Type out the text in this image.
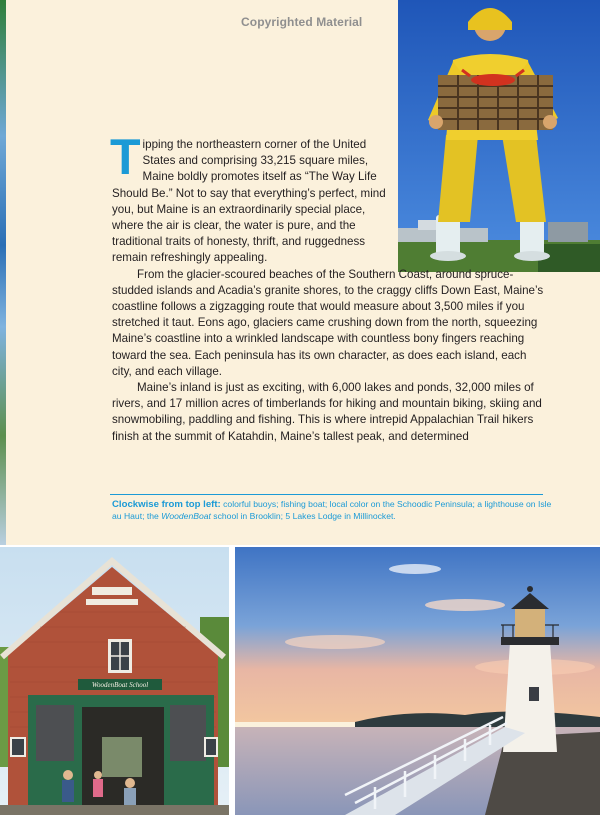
Copyrighted Material

Tipping the northeastern corner of the United States and comprising 33,215 square miles, Maine boldly promotes itself as “The Way Life Should Be.” Not to say that everything’s perfect, mind you, but Maine is an extraordinarily special place, where the air is clear, the water is pure, and the traditional traits of honesty, thrift, and ruggedness remain refreshingly appealing.

From the glacier-scoured beaches of the Southern Coast, around spruce-studded islands and Acadia’s granite shores, to the craggy cliffs Down East, Maine’s coastline follows a zigzagging route that would measure about 3,500 miles if you stretched it taut. Eons ago, glaciers came crushing down from the north, squeezing Maine’s coastline into a wrinkled landscape with countless bony fingers reaching toward the sea. Each peninsula has its own character, as does each island, each city, and each village.

Maine’s inland is just as exciting, with 6,000 lakes and ponds, 32,000 miles of rivers, and 17 million acres of timberlands for hiking and mountain biking, skiing and snowmobiling, paddling and fishing. This is where intrepid Appalachian Trail hikers finish at the summit of Katahdin, Maine’s tallest peak, and determined

Clockwise from top left: colorful buoys; fishing boat; local color on the Schoodic Peninsula; a lighthouse on Isle au Haut; the WoodenBoat school in Brooklin; 5 Lakes Lodge in Millinocket.
WoodenBoat School
